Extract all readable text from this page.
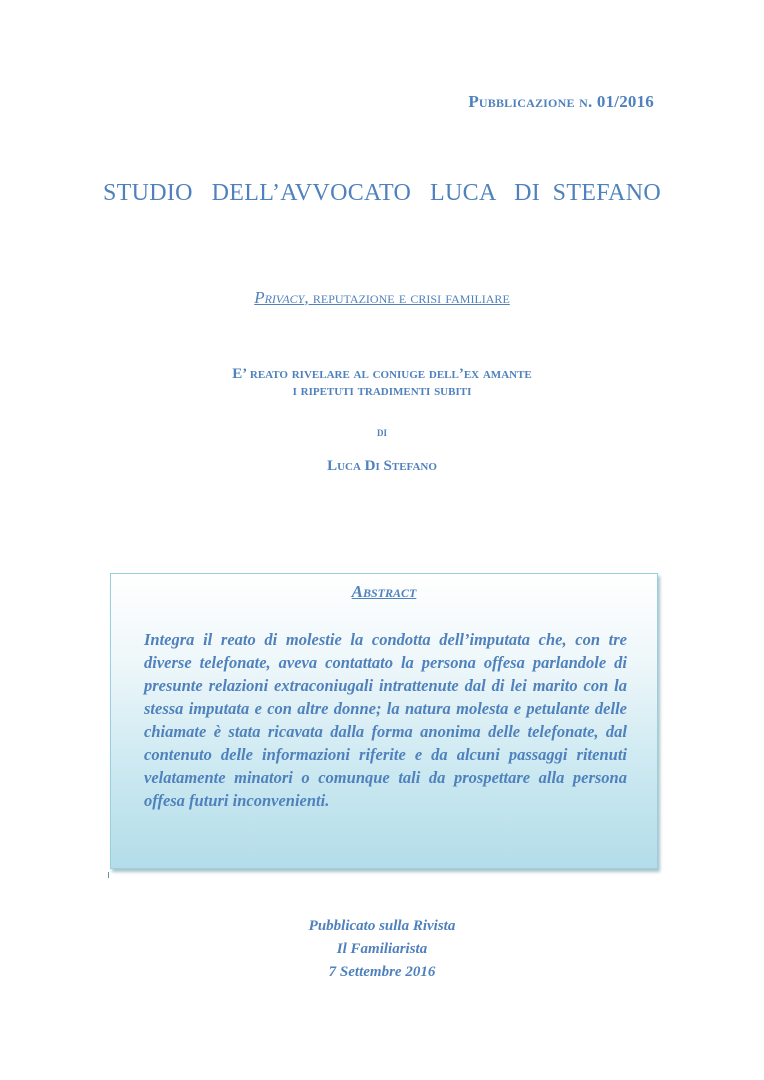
Pubblicazione n. 01/2016
STUDIO   DELL’AVVOCATO   LUCA   DI  STEFANO
Privacy, reputazione e crisi familiare
E’ reato rivelare al coniuge dell’ex amante
i ripetuti tradimenti subiti
di
Luca Di Stefano
Abstract
Integra il reato di molestie la condotta dell’imputata che, con tre diverse telefonate, aveva contattato la persona offesa parlandole di presunte relazioni extraconiugali intrattenute dal di lei marito con la stessa imputata e con altre donne; la natura molesta e petulante delle chiamate è stata ricavata dalla forma anonima delle telefonate, dal contenuto delle informazioni riferite e da alcuni passaggi ritenuti velatamente minatori o comunque tali da prospettare alla persona offesa futuri inconvenienti.
Pubblicato sulla Rivista
Il Familiarista
7 Settembre 2016
